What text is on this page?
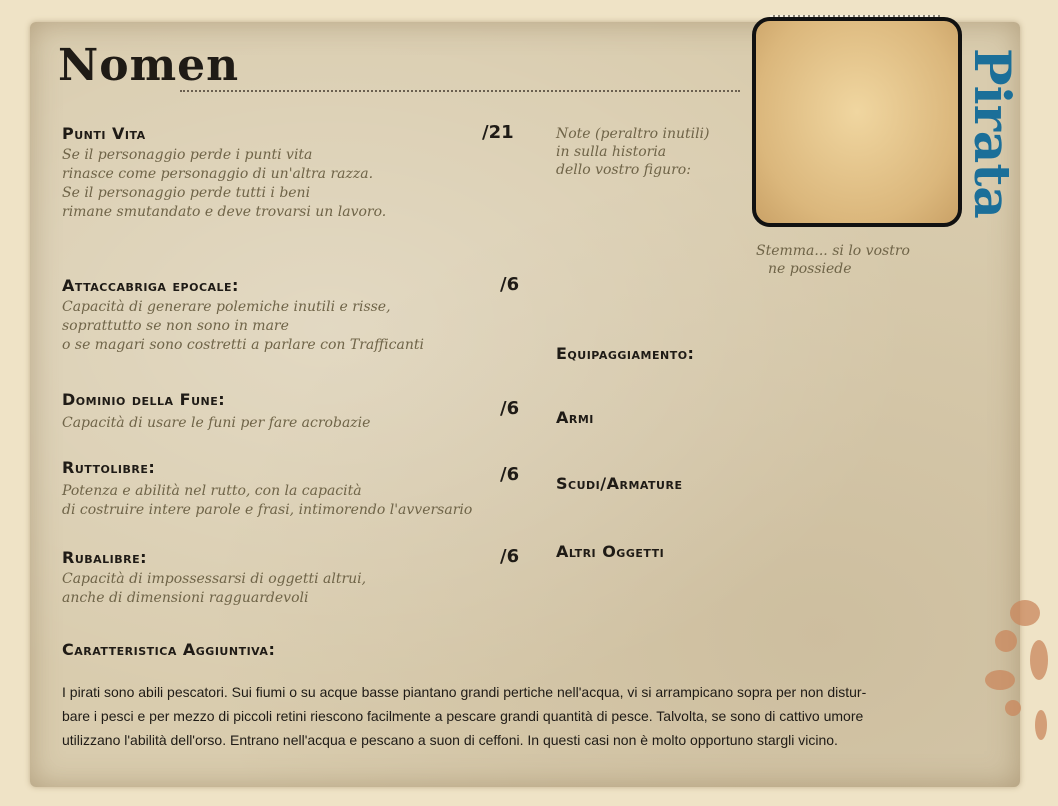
Nomen
Stemma... si lo vostro
ne possiede
Pirata
Note (peraltro inutili)
in sulla historia
dello vostro figuro:
Punti Vita	/21
Se il personaggio perde i punti vita
rinasce come personaggio di un'altra razza.
Se il personaggio perde tutti i beni
rimane smutandato e deve trovarsi un lavoro.
Attaccabriga epocale:	/6
Capacità di generare polemiche inutili e risse,
soprattutto se non sono in mare
o se magari sono costretti a parlare con Trafficanti
Dominio della Fune:	/6
Capacità di usare le funi per fare acrobazie
Ruttolibre:	/6
Potenza e abilità nel rutto, con la capacità
di costruire intere parole e frasi, intimorendo l'avversario
Rubalibre:	/6
Capacità di impossessarsi di oggetti altrui,
anche di dimensioni ragguardevoli
Equipaggiamento:
Armi
Scudi/Armature
Altri Oggetti
Caratteristica Aggiuntiva:
I pirati sono abili pescatori. Sui fiumi o su acque basse piantano grandi pertiche nell'acqua, vi si arrampicano sopra per non distur-
bare i pesci e per mezzo di piccoli retini riescono facilmente a pescare grandi quantità di pesce. Talvolta, se sono di cattivo umore
utilizzano l'abilità dell'orso. Entrano nell'acqua e pescano a suon di ceffoni. In questi casi non è molto opportuno stargli vicino.
